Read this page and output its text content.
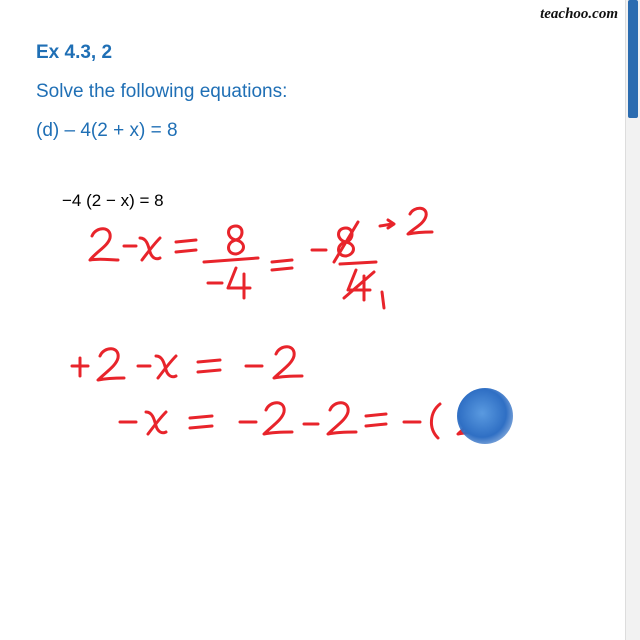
teachoo.com
Ex 4.3, 2
Solve the following equations:
(d) – 4(2 + x) = 8
−4 (2 − x) = 8
